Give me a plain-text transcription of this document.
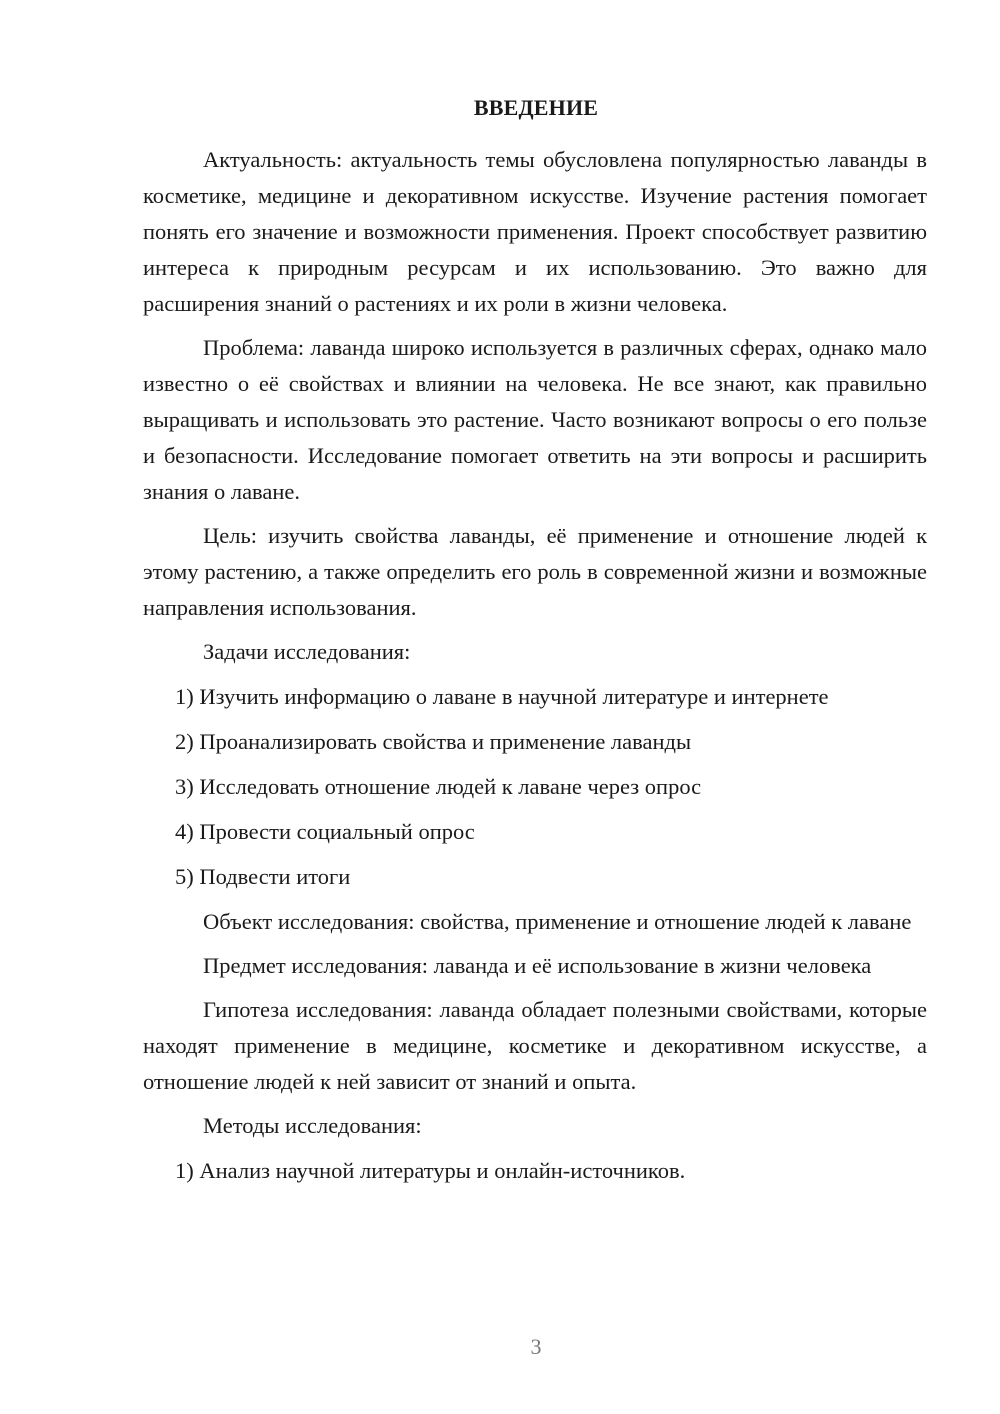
ВВЕДЕНИЕ

Актуальность: актуальность темы обусловлена популярностью лаванды в косметике, медицине и декоративном искусстве. Изучение растения помогает понять его значение и возможности применения. Проект способствует развитию интереса к природным ресурсам и их использованию. Это важно для расширения знаний о растениях и их роли в жизни человека.

Проблема: лаванда широко используется в различных сферах, однако мало известно о её свойствах и влиянии на человека. Не все знают, как правильно выращивать и использовать это растение. Часто возникают вопросы о его пользе и безопасности. Исследование помогает ответить на эти вопросы и расширить знания о лаване.

Цель: изучить свойства лаванды, её применение и отношение людей к этому растению, а также определить его роль в современной жизни и возможные направления использования.

Задачи исследования:

1) Изучить информацию о лаване в научной литературе и интернете

2) Проанализировать свойства и применение лаванды

3) Исследовать отношение людей к лаване через опрос

4) Провести социальный опрос

5) Подвести итоги

Объект исследования: свойства, применение и отношение людей к лаване

Предмет исследования: лаванда и её использование в жизни человека

Гипотеза исследования: лаванда обладает полезными свойствами, которые находят применение в медицине, косметике и декоративном искусстве, а отношение людей к ней зависит от знаний и опыта.

Методы исследования:

1) Анализ научной литературы и онлайн-источников.

3
